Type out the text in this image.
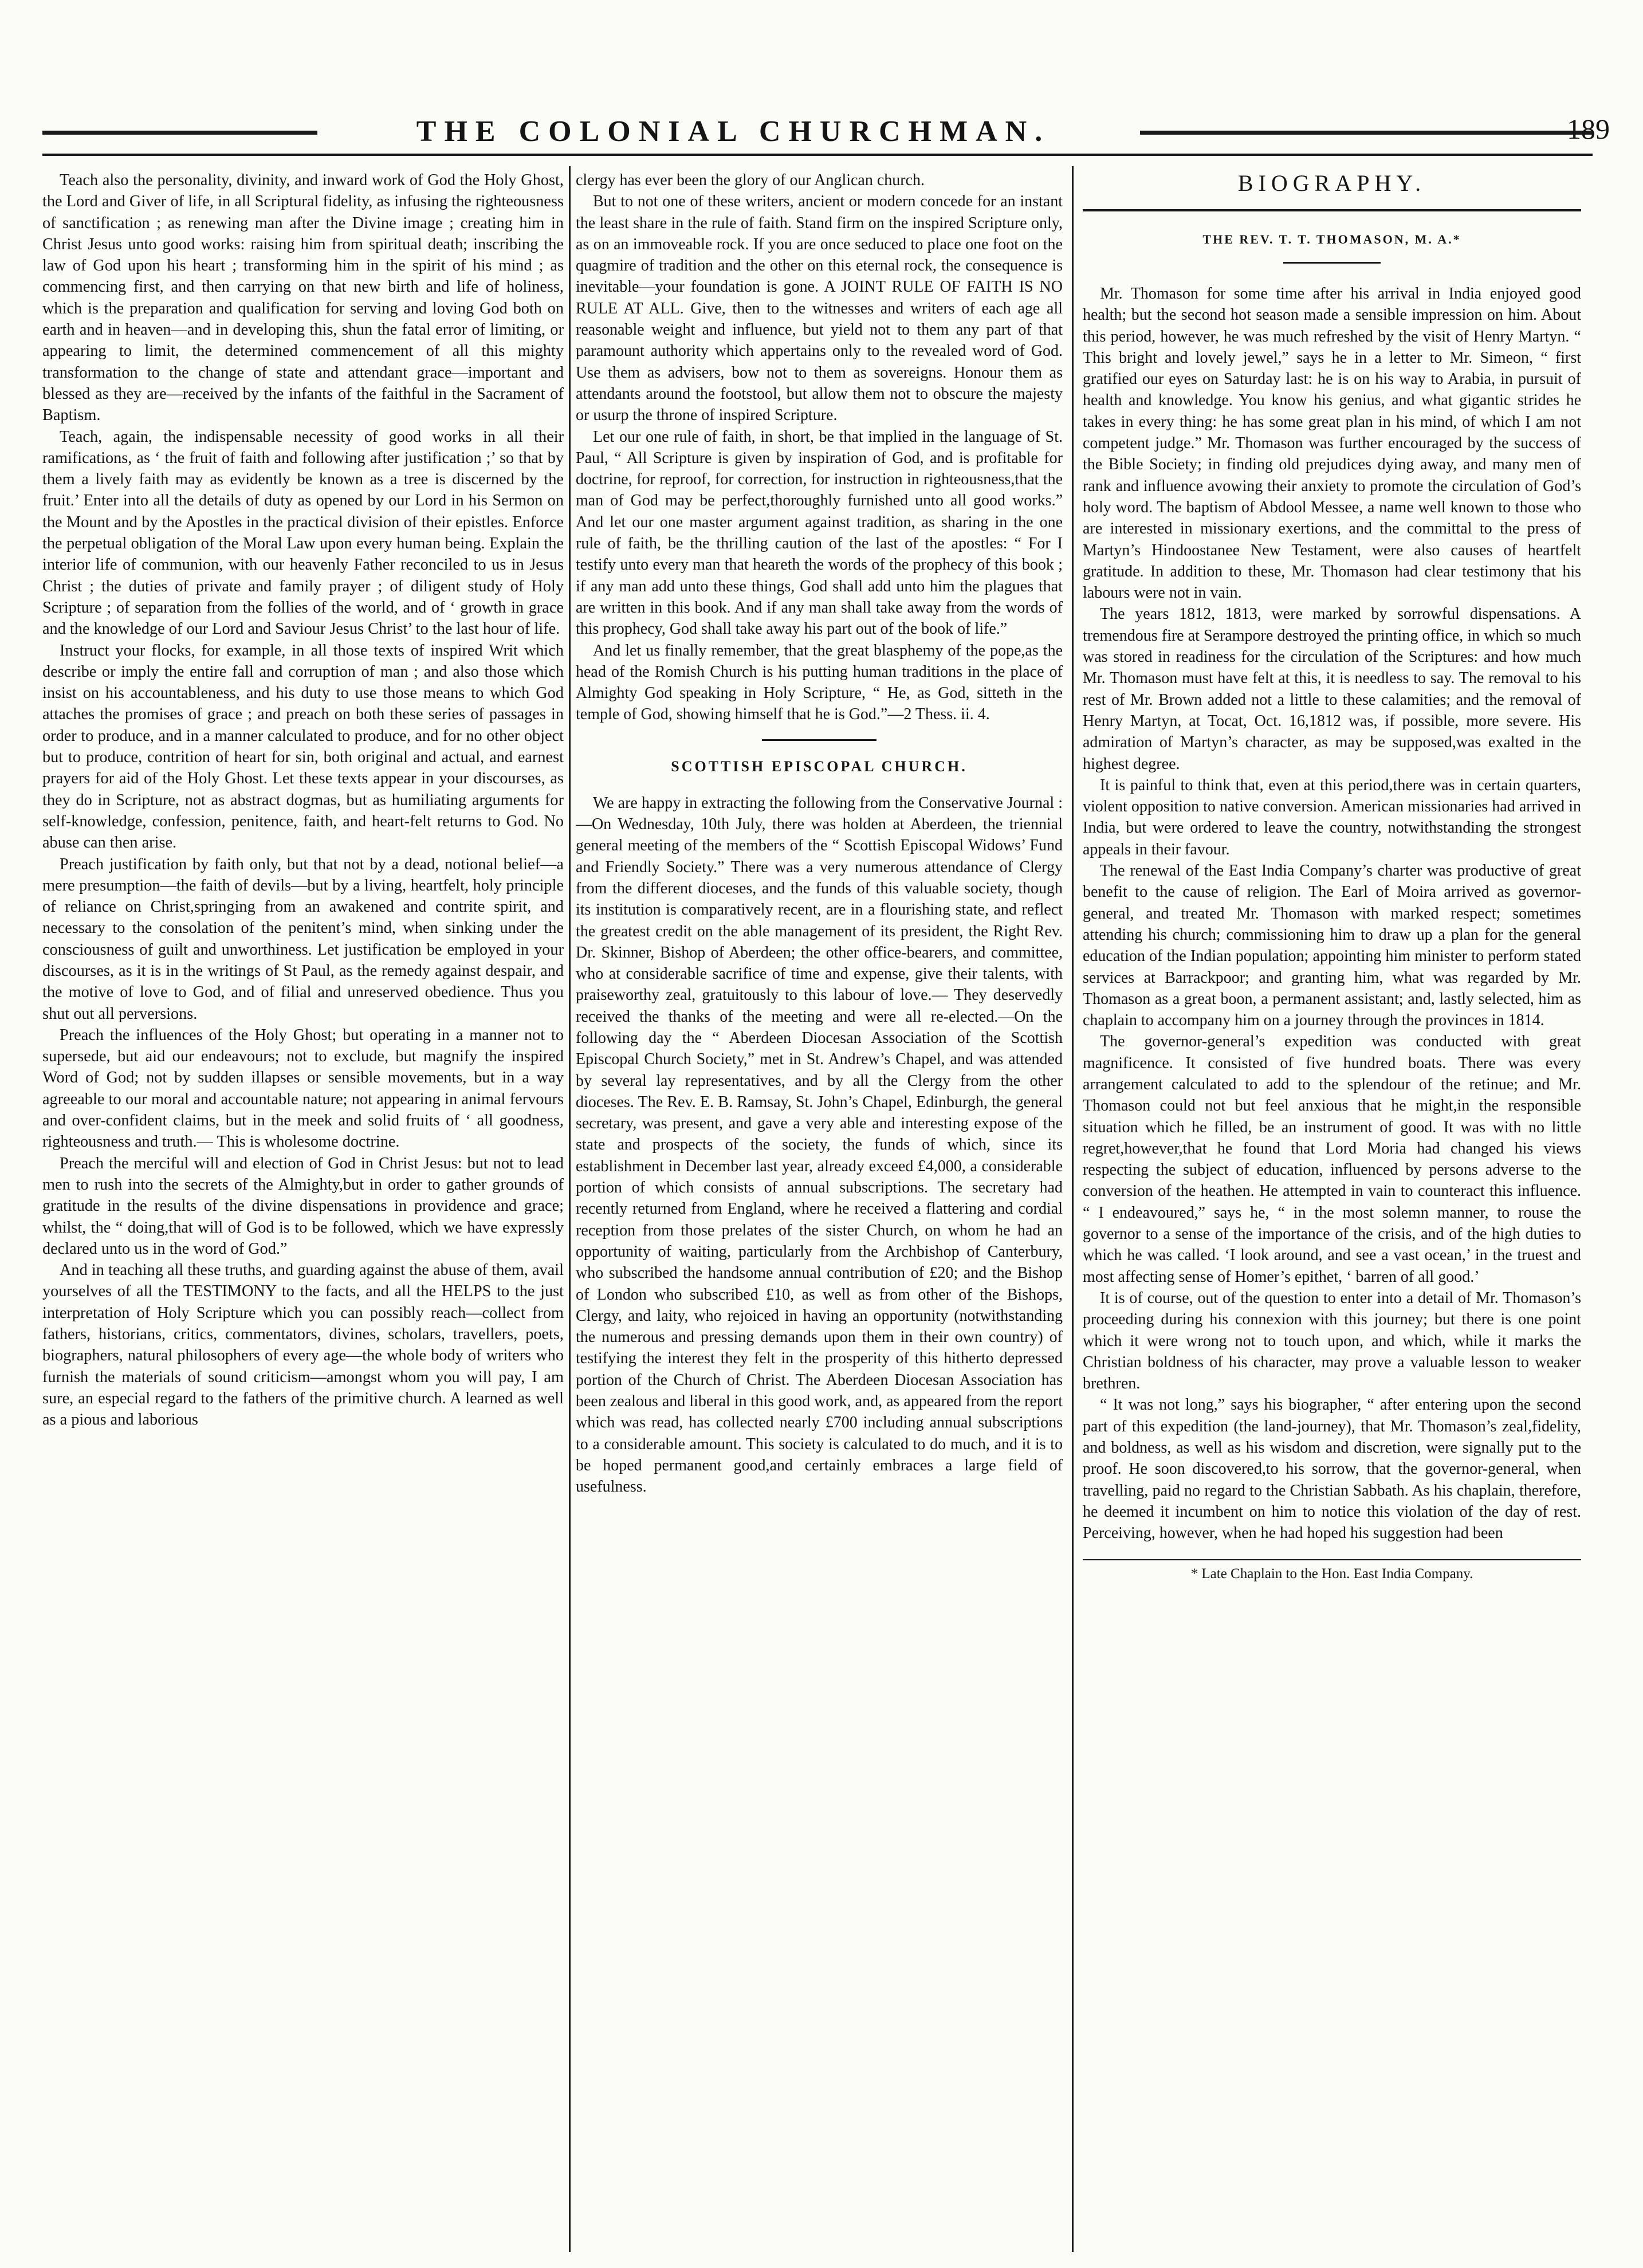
THE COLONIAL CHURCHMAN.	189

Teach also the personality, divinity, and inward work of God the Holy Ghost, the Lord and Giver of life, in all Scriptural fidelity, as infusing the righteousness of sanctification ; as renewing man after the Divine image ; creating him in Christ Jesus unto good works: raising him from spiritual death; inscribing the law of God upon his heart ; transforming him in the spirit of his mind ; as commencing first, and then carrying on that new birth and life of holiness, which is the preparation and qualification for serving and loving God both on earth and in heaven—and in developing this, shun the fatal error of limiting, or appearing to limit, the determined commencement of all this mighty transformation to the change of state and attendant grace—important and blessed as they are—received by the infants of the faithful in the Sacrament of Baptism.

Teach, again, the indispensable necessity of good works in all their ramifications, as ‘ the fruit of faith and following after justification ;’ so that by them a lively faith may as evidently be known as a tree is discerned by the fruit.’ Enter into all the details of duty as opened by our Lord in his Sermon on the Mount and by the Apostles in the practical division of their epistles. Enforce the perpetual obligation of the Moral Law upon every human being. Explain the interior life of communion, with our heavenly Father reconciled to us in Jesus Christ ; the duties of private and family prayer ; of diligent study of Holy Scripture ; of separation from the follies of the world, and of ‘ growth in grace and the knowledge of our Lord and Saviour Jesus Christ’ to the last hour of life.

Instruct your flocks, for example, in all those texts of inspired Writ which describe or imply the entire fall and corruption of man ; and also those which insist on his accountableness, and his duty to use those means to which God attaches the promises of grace ; and preach on both these series of passages in order to produce, and in a manner calculated to produce, and for no other object but to produce, contrition of heart for sin, both original and actual, and earnest prayers for aid of the Holy Ghost. Let these texts appear in your discourses, as they do in Scripture, not as abstract dogmas, but as humiliating arguments for self-knowledge, confession, penitence, faith, and heart-felt returns to God. No abuse can then arise.

Preach justification by faith only, but that not by a dead, notional belief—a mere presumption—the faith of devils—but by a living, heartfelt, holy principle of reliance on Christ,springing from an awakened and contrite spirit, and necessary to the consolation of the penitent’s mind, when sinking under the consciousness of guilt and unworthiness. Let justification be employed in your discourses, as it is in the writings of St Paul, as the remedy against despair, and the motive of love to God, and of filial and unreserved obedience. Thus you shut out all perversions.

Preach the influences of the Holy Ghost; but operating in a manner not to supersede, but aid our endeavours; not to exclude, but magnify the inspired Word of God; not by sudden illapses or sensible movements, but in a way agreeable to our moral and accountable nature; not appearing in animal fervours and over-confident claims, but in the meek and solid fruits of ‘ all goodness, righteousness and truth.— This is wholesome doctrine.

Preach the merciful will and election of God in Christ Jesus: but not to lead men to rush into the secrets of the Almighty,but in order to gather grounds of gratitude in the results of the divine dispensations in providence and grace; whilst, the “ doing,that will of God is to be followed, which we have expressly declared unto us in the word of God.”

And in teaching all these truths, and guarding against the abuse of them, avail yourselves of all the TESTIMONY to the facts, and all the HELPS to the just interpretation of Holy Scripture which you can possibly reach—collect from fathers, historians, critics, commentators, divines, scholars, travellers, poets, biographers, natural philosophers of every age—the whole body of writers who furnish the materials of sound criticism—amongst whom you will pay, I am sure, an especial regard to the fathers of the primitive church. A learned as well as a pious and laborious

clergy has ever been the glory of our Anglican church.

But to not one of these writers, ancient or modern concede for an instant the least share in the rule of faith. Stand firm on the inspired Scripture only, as on an immoveable rock. If you are once seduced to place one foot on the quagmire of tradition and the other on this eternal rock, the consequence is inevitable—your foundation is gone. A JOINT RULE OF FAITH IS NO RULE AT ALL. Give, then to the witnesses and writers of each age all reasonable weight and influence, but yield not to them any part of that paramount authority which appertains only to the revealed word of God. Use them as advisers, bow not to them as sovereigns. Honour them as attendants around the footstool, but allow them not to obscure the majesty or usurp the throne of inspired Scripture.

Let our one rule of faith, in short, be that implied in the language of St. Paul, “ All Scripture is given by inspiration of God, and is profitable for doctrine, for reproof, for correction, for instruction in righteousness,that the man of God may be perfect,thoroughly furnished unto all good works.” And let our one master argument against tradition, as sharing in the one rule of faith, be the thrilling caution of the last of the apostles: “ For I testify unto every man that heareth the words of the prophecy of this book ; if any man add unto these things, God shall add unto him the plagues that are written in this book. And if any man shall take away from the words of this prophecy, God shall take away his part out of the book of life.”

And let us finally remember, that the great blasphemy of the pope,as the head of the Romish Church is his putting human traditions in the place of Almighty God speaking in Holy Scripture, “ He, as God, sitteth in the temple of God, showing himself that he is God.”—2 Thess. ii. 4.

SCOTTISH EPISCOPAL CHURCH.

We are happy in extracting the following from the Conservative Journal :—On Wednesday, 10th July, there was holden at Aberdeen, the triennial general meeting of the members of the “ Scottish Episcopal Widows’ Fund and Friendly Society.” There was a very numerous attendance of Clergy from the different dioceses, and the funds of this valuable society, though its institution is comparatively recent, are in a flourishing state, and reflect the greatest credit on the able management of its president, the Right Rev. Dr. Skinner, Bishop of Aberdeen; the other office-bearers, and committee, who at considerable sacrifice of time and expense, give their talents, with praiseworthy zeal, gratuitously to this labour of love.— They deservedly received the thanks of the meeting and were all re-elected.—On the following day the “ Aberdeen Diocesan Association of the Scottish Episcopal Church Society,” met in St. Andrew’s Chapel, and was attended by several lay representatives, and by all the Clergy from the other dioceses. The Rev. E. B. Ramsay, St. John’s Chapel, Edinburgh, the general secretary, was present, and gave a very able and interesting expose of the state and prospects of the society, the funds of which, since its establishment in December last year, already exceed £4,000, a considerable portion of which consists of annual subscriptions. The secretary had recently returned from England, where he received a flattering and cordial reception from those prelates of the sister Church, on whom he had an opportunity of waiting, particularly from the Archbishop of Canterbury, who subscribed the handsome annual contribution of £20; and the Bishop of London who subscribed £10, as well as from other of the Bishops, Clergy, and laity, who rejoiced in having an opportunity (notwithstanding the numerous and pressing demands upon them in their own country) of testifying the interest they felt in the prosperity of this hitherto depressed portion of the Church of Christ. The Aberdeen Diocesan Association has been zealous and liberal in this good work, and, as appeared from the report which was read, has collected nearly £700 including annual subscriptions to a considerable amount. This society is calculated to do much, and it is to be hoped permanent good,and certainly embraces a large field of usefulness.

BIOGRAPHY.
THE REV. T. T. THOMASON, M. A.*

Mr. Thomason for some time after his arrival in India enjoyed good health; but the second hot season made a sensible impression on him. About this period, however, he was much refreshed by the visit of Henry Martyn. “ This bright and lovely jewel,” says he in a letter to Mr. Simeon, “ first gratified our eyes on Saturday last: he is on his way to Arabia, in pursuit of health and knowledge. You know his genius, and what gigantic strides he takes in every thing: he has some great plan in his mind, of which I am not competent judge.” Mr. Thomason was further encouraged by the success of the Bible Society; in finding old prejudices dying away, and many men of rank and influence avowing their anxiety to promote the circulation of God’s holy word. The baptism of Abdool Messee, a name well known to those who are interested in missionary exertions, and the committal to the press of Martyn’s Hindoostanee New Testament, were also causes of heartfelt gratitude. In addition to these, Mr. Thomason had clear testimony that his labours were not in vain.

The years 1812, 1813, were marked by sorrowful dispensations. A tremendous fire at Serampore destroyed the printing office, in which so much was stored in readiness for the circulation of the Scriptures: and how much Mr. Thomason must have felt at this, it is needless to say. The removal to his rest of Mr. Brown added not a little to these calamities; and the removal of Henry Martyn, at Tocat, Oct. 16,1812 was, if possible, more severe. His admiration of Martyn’s character, as may be supposed,was exalted in the highest degree.

It is painful to think that, even at this period,there was in certain quarters, violent opposition to native conversion. American missionaries had arrived in India, but were ordered to leave the country, notwithstanding the strongest appeals in their favour.

The renewal of the East India Company’s charter was productive of great benefit to the cause of religion. The Earl of Moira arrived as governor-general, and treated Mr. Thomason with marked respect; sometimes attending his church; commissioning him to draw up a plan for the general education of the Indian population; appointing him minister to perform stated services at Barrackpoor; and granting him, what was regarded by Mr. Thomason as a great boon, a permanent assistant; and, lastly selected, him as chaplain to accompany him on a journey through the provinces in 1814.

The governor-general’s expedition was conducted with great magnificence. It consisted of five hundred boats. There was every arrangement calculated to add to the splendour of the retinue; and Mr. Thomason could not but feel anxious that he might,in the responsible situation which he filled, be an instrument of good. It was with no little regret,however,that he found that Lord Moria had changed his views respecting the subject of education, influenced by persons adverse to the conversion of the heathen. He attempted in vain to counteract this influence. “ I endeavoured,” says he, “ in the most solemn manner, to rouse the governor to a sense of the importance of the crisis, and of the high duties to which he was called. ‘I look around, and see a vast ocean,’ in the truest and most affecting sense of Homer’s epithet, ‘ barren of all good.’

It is of course, out of the question to enter into a detail of Mr. Thomason’s proceeding during his connexion with this journey; but there is one point which it were wrong not to touch upon, and which, while it marks the Christian boldness of his character, may prove a valuable lesson to weaker brethren.

“ It was not long,” says his biographer, “ after entering upon the second part of this expedition (the land-journey), that Mr. Thomason’s zeal,fidelity, and boldness, as well as his wisdom and discretion, were signally put to the proof. He soon discovered,to his sorrow, that the governor-general, when travelling, paid no regard to the Christian Sabbath. As his chaplain, therefore, he deemed it incumbent on him to notice this violation of the day of rest. Perceiving, however, when he had hoped his suggestion had been

* Late Chaplain to the Hon. East India Company.
